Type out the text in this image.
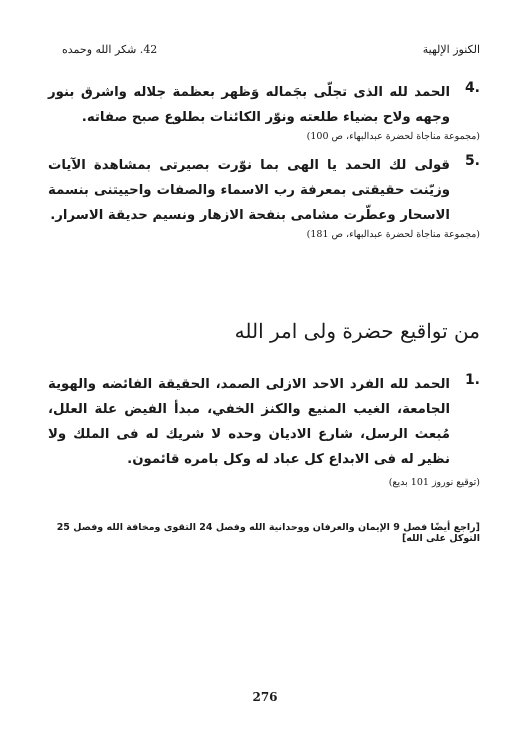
الكنوز الإلهية
42. شكر الله وحمده
4.
الحمد لله الذى تجلّى بجَماله وَظهر بعظمة جلاله واشرق بنور وجهه ولاح بضياء طلعته ونوّر الكائنات بطلوع صبح صفاته.
(مجموعة مناجاة لحضرة عبدالبهاء، ص 100)
5.
قولى لك الحمد يا الهى بما نوّرت بصيرتى بمشاهدة الآيات وزيّنت حقيقتى بمعرفة رب الاسماء والصفات واحييتنى بنسمة الاسحار وعطّرت مشامى بنفحة الازهار ونسيم حديقة الاسرار.
(مجموعة مناجاة لحضرة عبدالبهاء، ص 181)
من تواقيع حضرة ولى امر الله
1.
الحمد لله الفرد الاحد الازلى الصمد، الحقيقة الفائضه والهوية الجامعة، الغيب المنيع والكنز الخفي، مبدأ الفيض علة العلل، مُبعث الرسل، شارع الاديان وحده لا شريك له فى الملك ولا نظير له فى الابداع كل عباد له وكل بامره قائمون.
(توقيع نوروز 101 بديع)
[راجع أيضًا فصل 9 الإيمان والعرفان ووحدانية الله وفصل 24 التقوى ومخافة الله وفصل 25 التوكل على الله]
276
